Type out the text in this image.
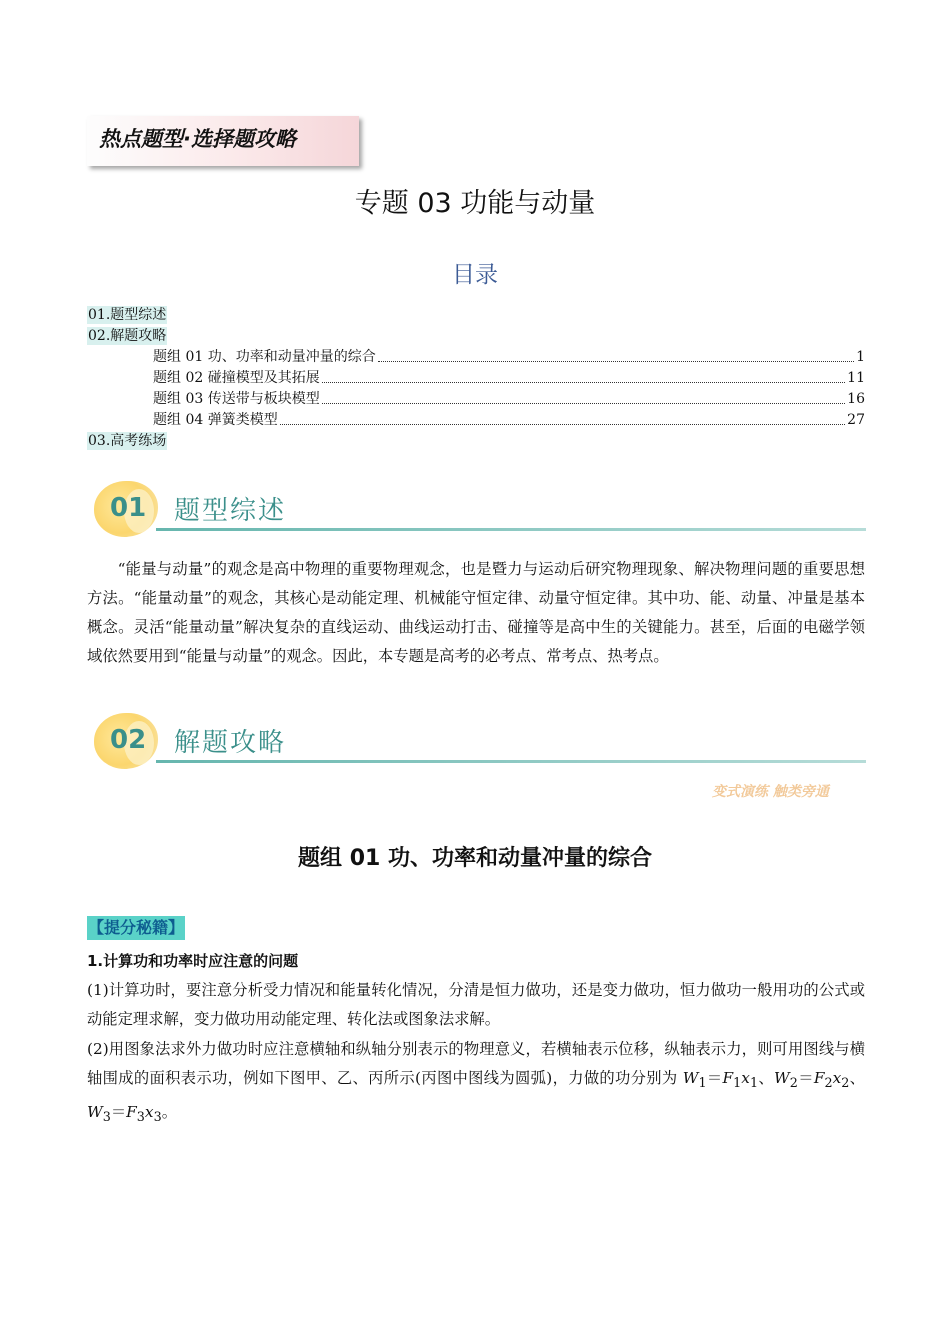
热点题型·选择题攻略
专题 03 功能与动量
目录
01.题型综述
02.解题攻略
题组 01 功、功率和动量冲量的综合	1
题组 02 碰撞模型及其拓展	11
题组 03 传送带与板块模型	16
题组 04 弹簧类模型	27
03.高考练场
01 题型综述
“能量与动量”的观念是高中物理的重要物理观念，也是暨力与运动后研究物理现象、解决物理问题的重要思想方法。“能量动量”的观念，其核心是动能定理、机械能守恒定律、动量守恒定律。其中功、能、动量、冲量是基本概念。灵活“能量动量”解决复杂的直线运动、曲线运动打击、碰撞等是高中生的关键能力。甚至，后面的电磁学领域依然要用到“能量与动量”的观念。因此，本专题是高考的必考点、常考点、热考点。
02 解题攻略
变式演练 触类旁通
题组 01 功、功率和动量冲量的综合
【提分秘籍】
1.计算功和功率时应注意的问题
(1)计算功时，要注意分析受力情况和能量转化情况，分清是恒力做功，还是变力做功，恒力做功一般用功的公式或动能定理求解，变力做功用动能定理、转化法或图象法求解。
(2)用图象法求外力做功时应注意横轴和纵轴分别表示的物理意义，若横轴表示位移，纵轴表示力，则可用图线与横轴围成的面积表示功，例如下图甲、乙、丙所示(丙图中图线为圆弧)，力做的功分别为 $W_1=F_1x_1$、$W_2=F_2x_2$、$W_3=F_3x_3$。
